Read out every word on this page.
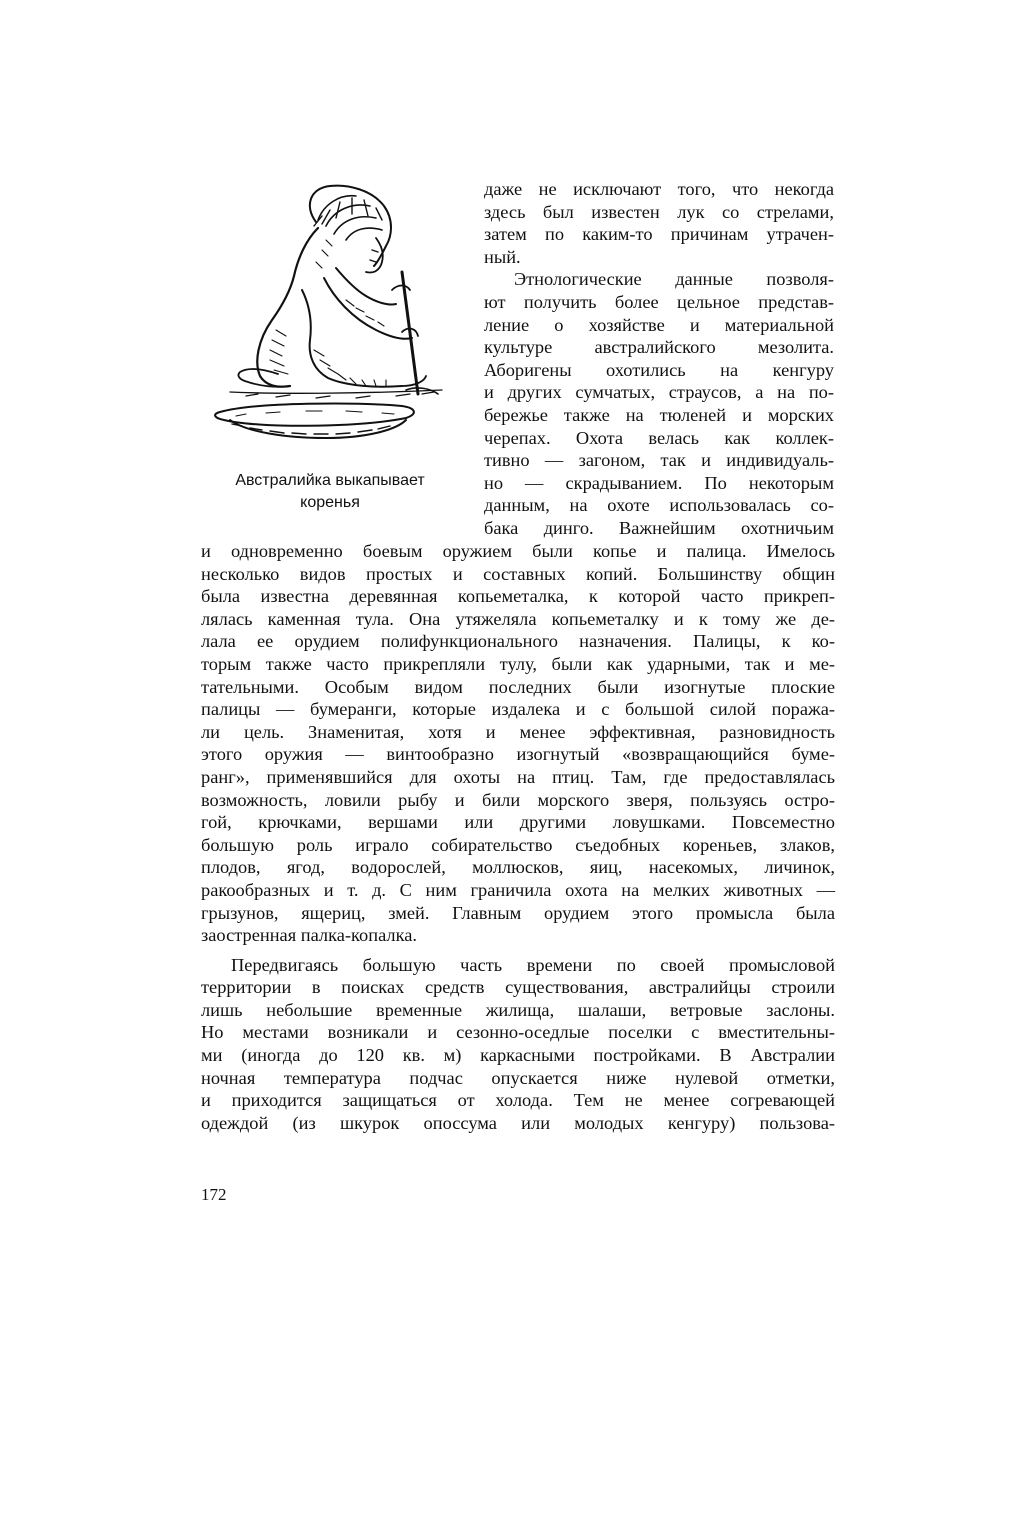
Австралийка выкапывает
коренья
даже не исключают того, что некогда
здесь был известен лук со стрелами,
затем по каким-то причинам утрачен-
ный.
Этнологические данные позволя-
ют получить более цельное представ-
ление о хозяйстве и материальной
культуре австралийского мезолита.
Аборигены охотились на кенгуру
и других сумчатых, страусов, а на по-
бережье также на тюленей и морских
черепах. Охота велась как коллек-
тивно — загоном, так и индивидуаль-
но — скрадыванием. По некоторым
данным, на охоте использовалась со-
бака динго. Важнейшим охотничьим
и одновременно боевым оружием были копье и палица. Имелось
несколько видов простых и составных копий. Большинству общин
была известна деревянная копьеметалка, к которой часто прикреп-
лялась каменная тула. Она утяжеляла копьеметалку и к тому же де-
лала ее орудием полифункционального назначения. Палицы, к ко-
торым также часто прикрепляли тулу, были как ударными, так и ме-
тательными. Особым видом последних были изогнутые плоские
палицы — бумеранги, которые издалека и с большой силой поража-
ли цель. Знаменитая, хотя и менее эффективная, разновидность
этого оружия — винтообразно изогнутый «возвращающийся буме-
ранг», применявшийся для охоты на птиц. Там, где предоставлялась
возможность, ловили рыбу и били морского зверя, пользуясь остро-
гой, крючками, вершами или другими ловушками. Повсеместно
большую роль играло собирательство съедобных кореньев, злаков,
плодов, ягод, водорослей, моллюсков, яиц, насекомых, личинок,
ракообразных и т. д. С ним граничила охота на мелких животных —
грызунов, ящериц, змей. Главным орудием этого промысла была
заостренная палка-копалка.
Передвигаясь большую часть времени по своей промысловой
территории в поисках средств существования, австралийцы строили
лишь небольшие временные жилища, шалаши, ветровые заслоны.
Но местами возникали и сезонно-оседлые поселки с вместительны-
ми (иногда до 120 кв. м) каркасными постройками. В Австралии
ночная температура подчас опускается ниже нулевой отметки,
и приходится защищаться от холода. Тем не менее согревающей
одеждой (из шкурок опоссума или молодых кенгуру) пользова-
172
